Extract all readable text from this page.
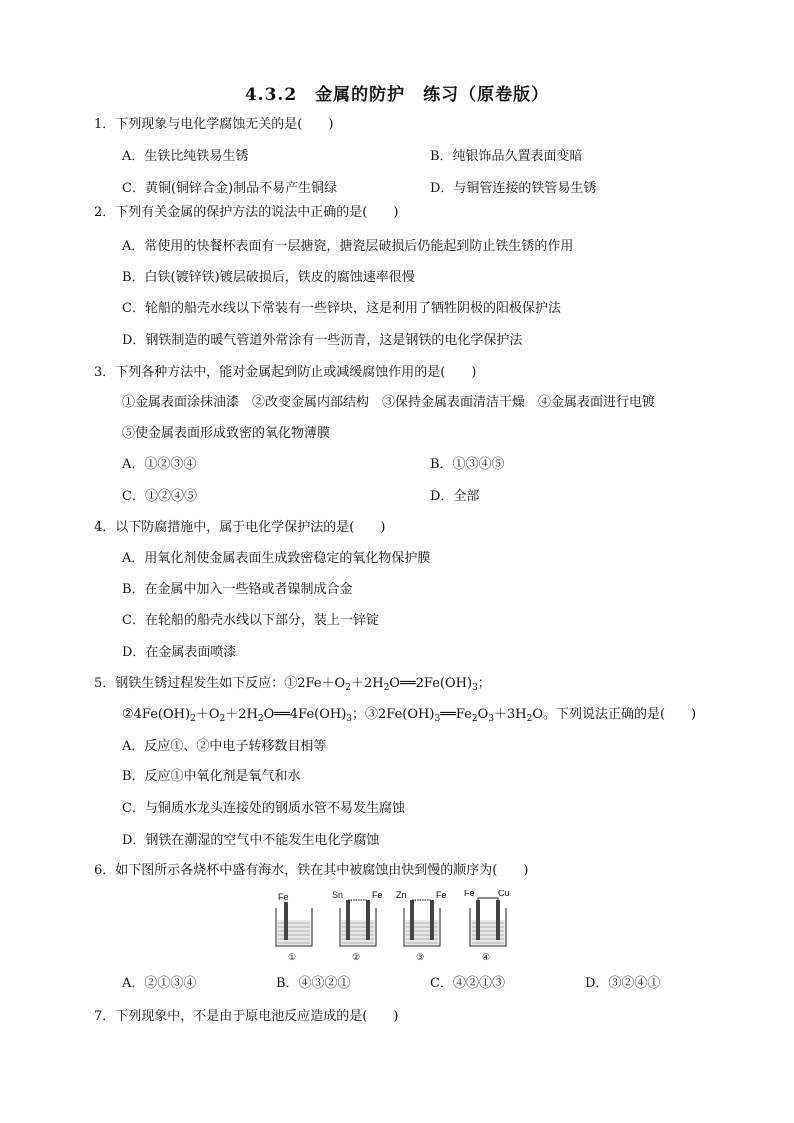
4.3.2　金属的防护　练习（原卷版）
1．下列现象与电化学腐蚀无关的是(　　)
A．生铁比纯铁易生锈	B．纯银饰品久置表面变暗
C．黄铜(铜锌合金)制品不易产生铜绿	D．与铜管连接的铁管易生锈
2．下列有关金属的保护方法的说法中正确的是(　　)
A．常使用的快餐杯表面有一层搪瓷，搪瓷层破损后仍能起到防止铁生锈的作用
B．白铁(镀锌铁)镀层破损后，铁皮的腐蚀速率很慢
C．轮船的船壳水线以下常装有一些锌块，这是利用了牺牲阴极的阳极保护法
D．钢铁制造的暖气管道外常涂有一些沥青，这是钢铁的电化学保护法
3．下列各种方法中，能对金属起到防止或减缓腐蚀作用的是(　　)
①金属表面涂抹油漆　②改变金属内部结构　③保持金属表面清洁干燥　④金属表面进行电镀
⑤使金属表面形成致密的氧化物薄膜
A．①②③④	B．①③④⑤
C．①②④⑤	D．全部
4．以下防腐措施中，属于电化学保护法的是(　　)
A．用氧化剂使金属表面生成致密稳定的氧化物保护膜
B．在金属中加入一些铬或者镍制成合金
C．在轮船的船壳水线以下部分，装上一锌锭
D．在金属表面喷漆
5．钢铁生锈过程发生如下反应：$①2Fe+O_2+2H_2O══2Fe(OH)_3$；
$②4Fe(OH)_2+O_2+2H_2O══4Fe(OH)_3$；$③2Fe(OH)_3══Fe_2O_3+3H_2O$。下列说法正确的是(　　)
A．反应①、②中电子转移数目相等
B．反应①中氧化剂是氧气和水
C．与铜质水龙头连接处的钢质水管不易发生腐蚀
D．钢铁在潮湿的空气中不能发生电化学腐蚀
6．如下图所示各烧杯中盛有海水，铁在其中被腐蚀由快到慢的顺序为(　　)
Fe
①
Sn	Fe
②
Zn	Fe
③
Fe	Cu
④
A．②①③④	B．④③②①	C．④②①③	D．③②④①
7．下列现象中，不是由于原电池反应造成的是(　　)
